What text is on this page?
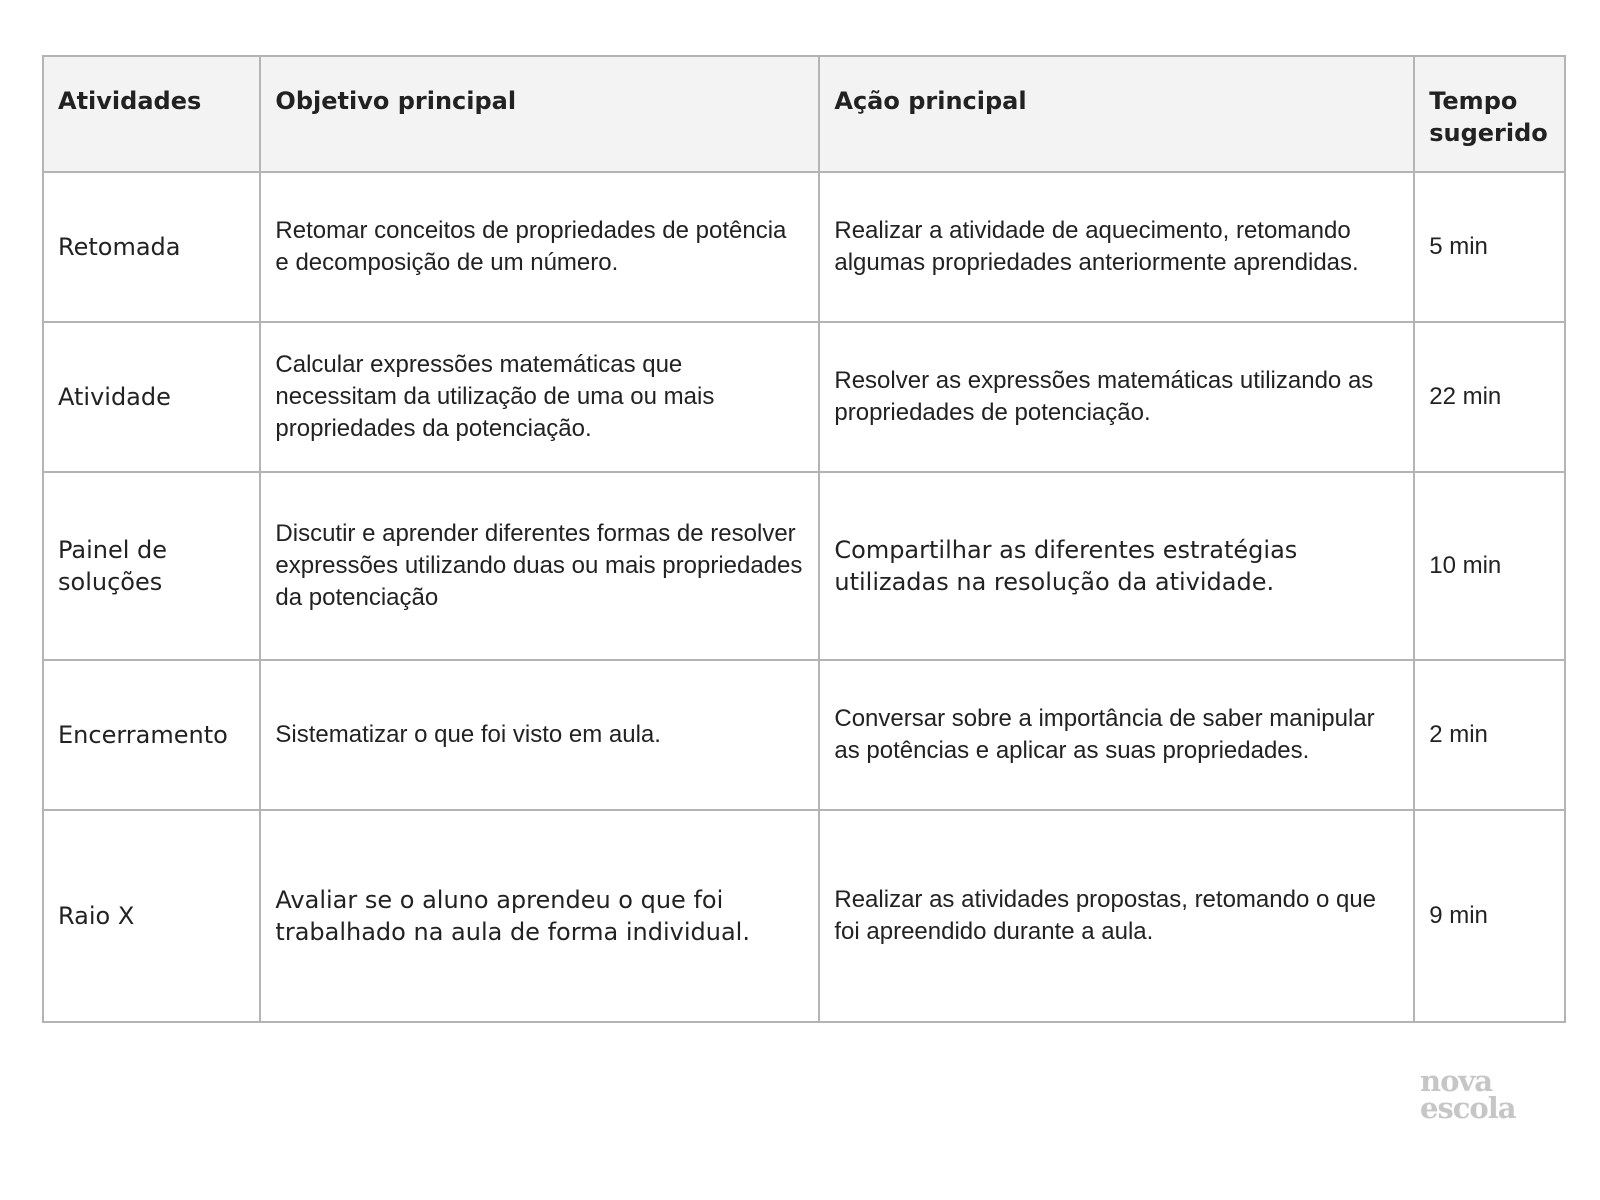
Atividades	Objetivo principal	Ação principal	Tempo sugerido
Retomada	Retomar conceitos de propriedades de potência e decomposição de um número.	Realizar a atividade de aquecimento, retomando algumas propriedades anteriormente aprendidas.	5 min
Atividade	Calcular expressões matemáticas que necessitam da utilização de uma ou mais propriedades da potenciação.	Resolver as expressões matemáticas utilizando as propriedades de potenciação.	22 min
Painel de soluções	Discutir e aprender diferentes formas de resolver expressões utilizando duas ou mais propriedades da potenciação	Compartilhar as diferentes estratégias utilizadas na resolução da atividade.	10 min
Encerramento	Sistematizar o que foi visto em aula.	Conversar sobre a importância de saber manipular as potências e aplicar as suas propriedades.	2 min
Raio X	Avaliar se o aluno aprendeu o que foi trabalhado na aula de forma individual.	Realizar as atividades propostas, retomando o que foi apreendido durante a aula.	9 min
nova
escola
